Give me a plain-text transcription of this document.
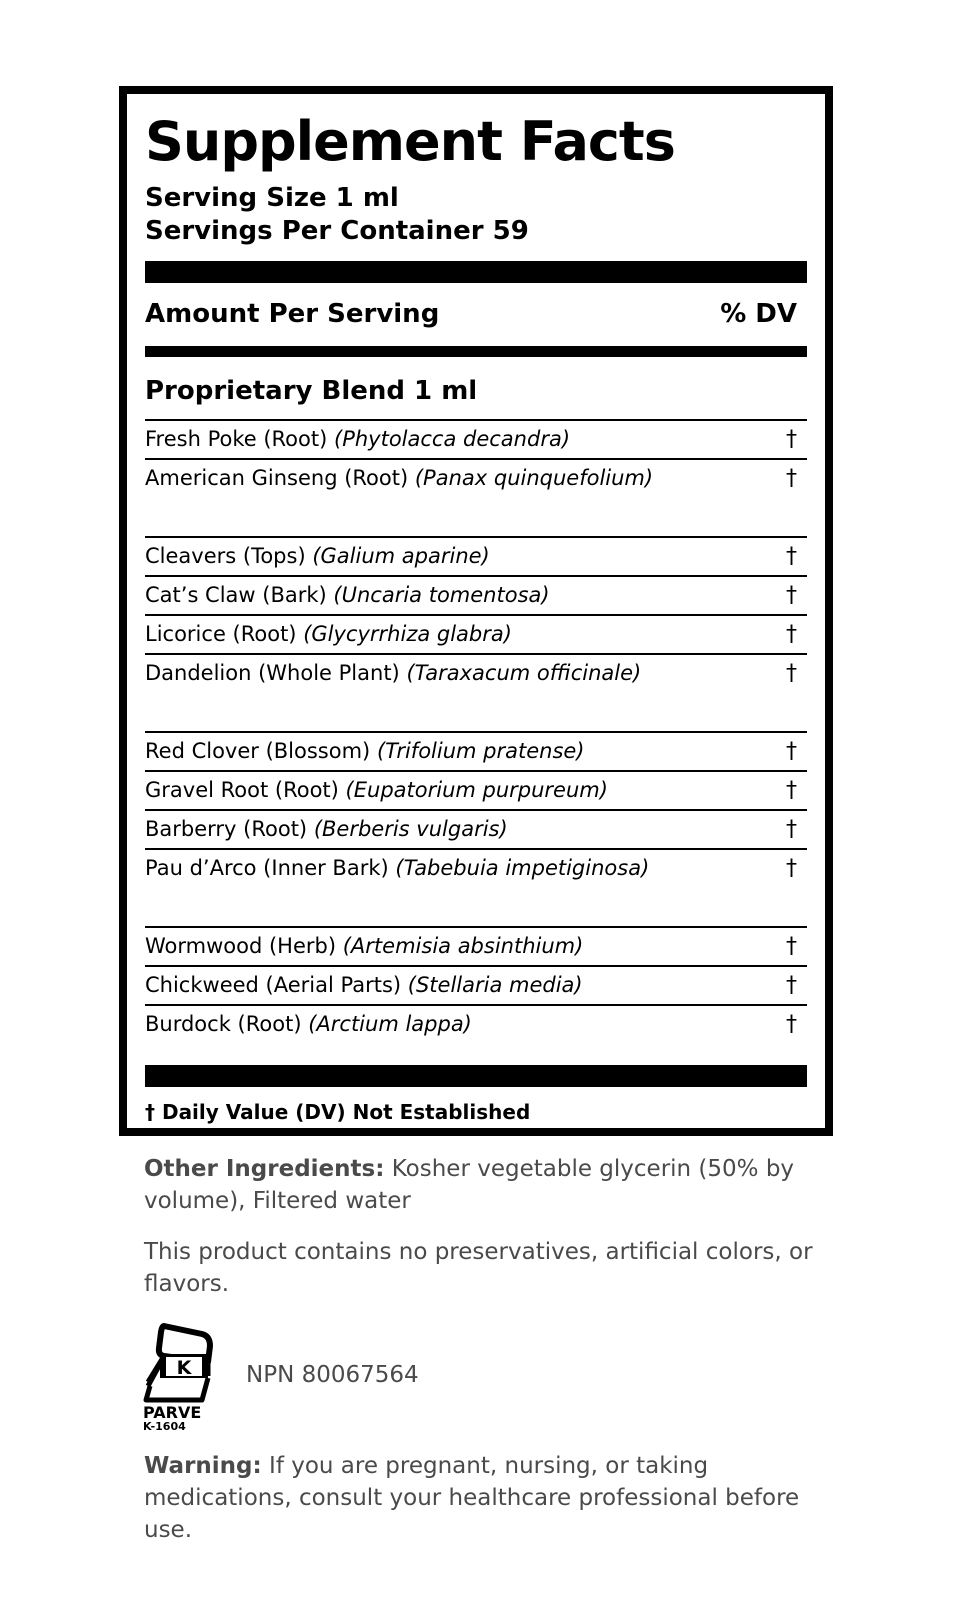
Supplement Facts
Serving Size 1 ml
Servings Per Container 59
Amount Per Serving	% DV
Proprietary Blend 1 ml
Fresh Poke (Root) (Phytolacca decandra)	†
American Ginseng (Root) (Panax quinquefolium)	†
Cleavers (Tops) (Galium aparine)	†
Cat’s Claw (Bark) (Uncaria tomentosa)	†
Licorice (Root) (Glycyrrhiza glabra)	†
Dandelion (Whole Plant) (Taraxacum officinale)	†
Red Clover (Blossom) (Trifolium pratense)	†
Gravel Root (Root) (Eupatorium purpureum)	†
Barberry (Root) (Berberis vulgaris)	†
Pau d’Arco (Inner Bark) (Tabebuia impetiginosa)	†
Wormwood (Herb) (Artemisia absinthium)	†
Chickweed (Aerial Parts) (Stellaria media)	†
Burdock (Root) (Arctium lappa)	†
† Daily Value (DV) Not Established
Other Ingredients: Kosher vegetable glycerin (50% by volume), Filtered water
This product contains no preservatives, artificial colors, or flavors.
K
PARVE
K-1604
NPN 80067564
Warning: If you are pregnant, nursing, or taking medications, consult your healthcare professional before use.
